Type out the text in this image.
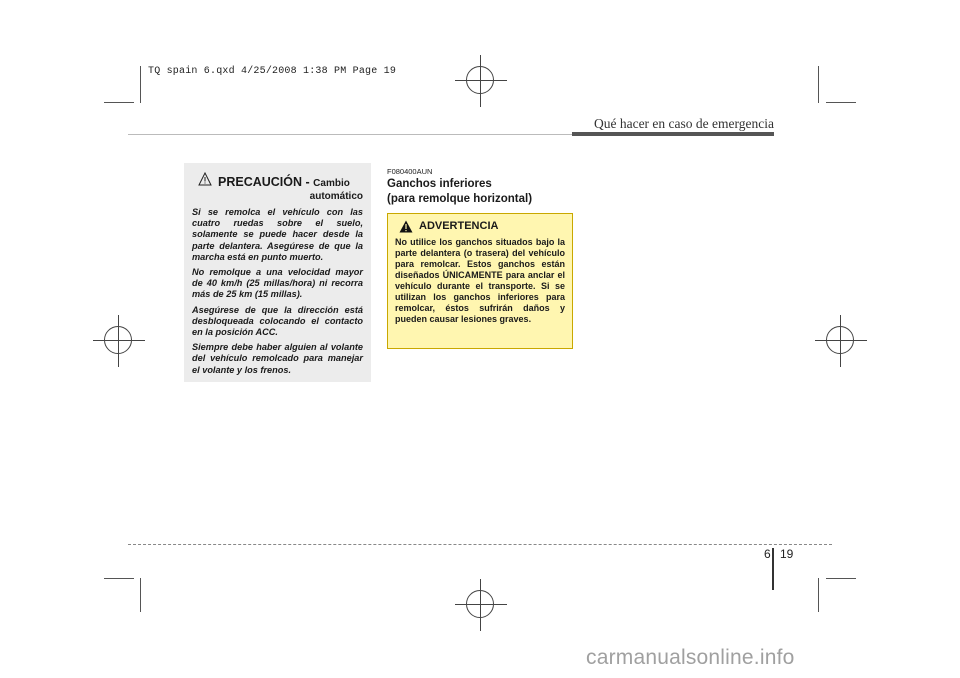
TQ spain 6.qxd 4/25/2008 1:38 PM Page 19
Qué hacer en caso de emergencia
PRECAUCIÓN - Cambio
automático

Si se remolca el vehículo con las cuatro ruedas sobre el suelo, solamente se puede hacer desde la parte delantera. Asegúrese de que la marcha está en punto muerto.

No remolque a una velocidad mayor de 40 km/h (25 millas/hora) ni recorra más de 25 km (15 millas).

Asegúrese de que la dirección está desbloqueada colocando el contacto en la posición ACC.

Siempre debe haber alguien al volante del vehículo remolcado para manejar el volante y los frenos.

F080400AUN
Ganchos inferiores
(para remolque horizontal)
ADVERTENCIA

No utilice los ganchos situados bajo la parte delantera (o trasera) del vehículo para remolcar. Estos ganchos están diseñados ÚNICAMENTE para anclar el vehículo durante el transporte. Si se utilizan los ganchos inferiores para remolcar, éstos sufrirán daños y pueden causar lesiones graves.

6 19
carmanualsonline.info
